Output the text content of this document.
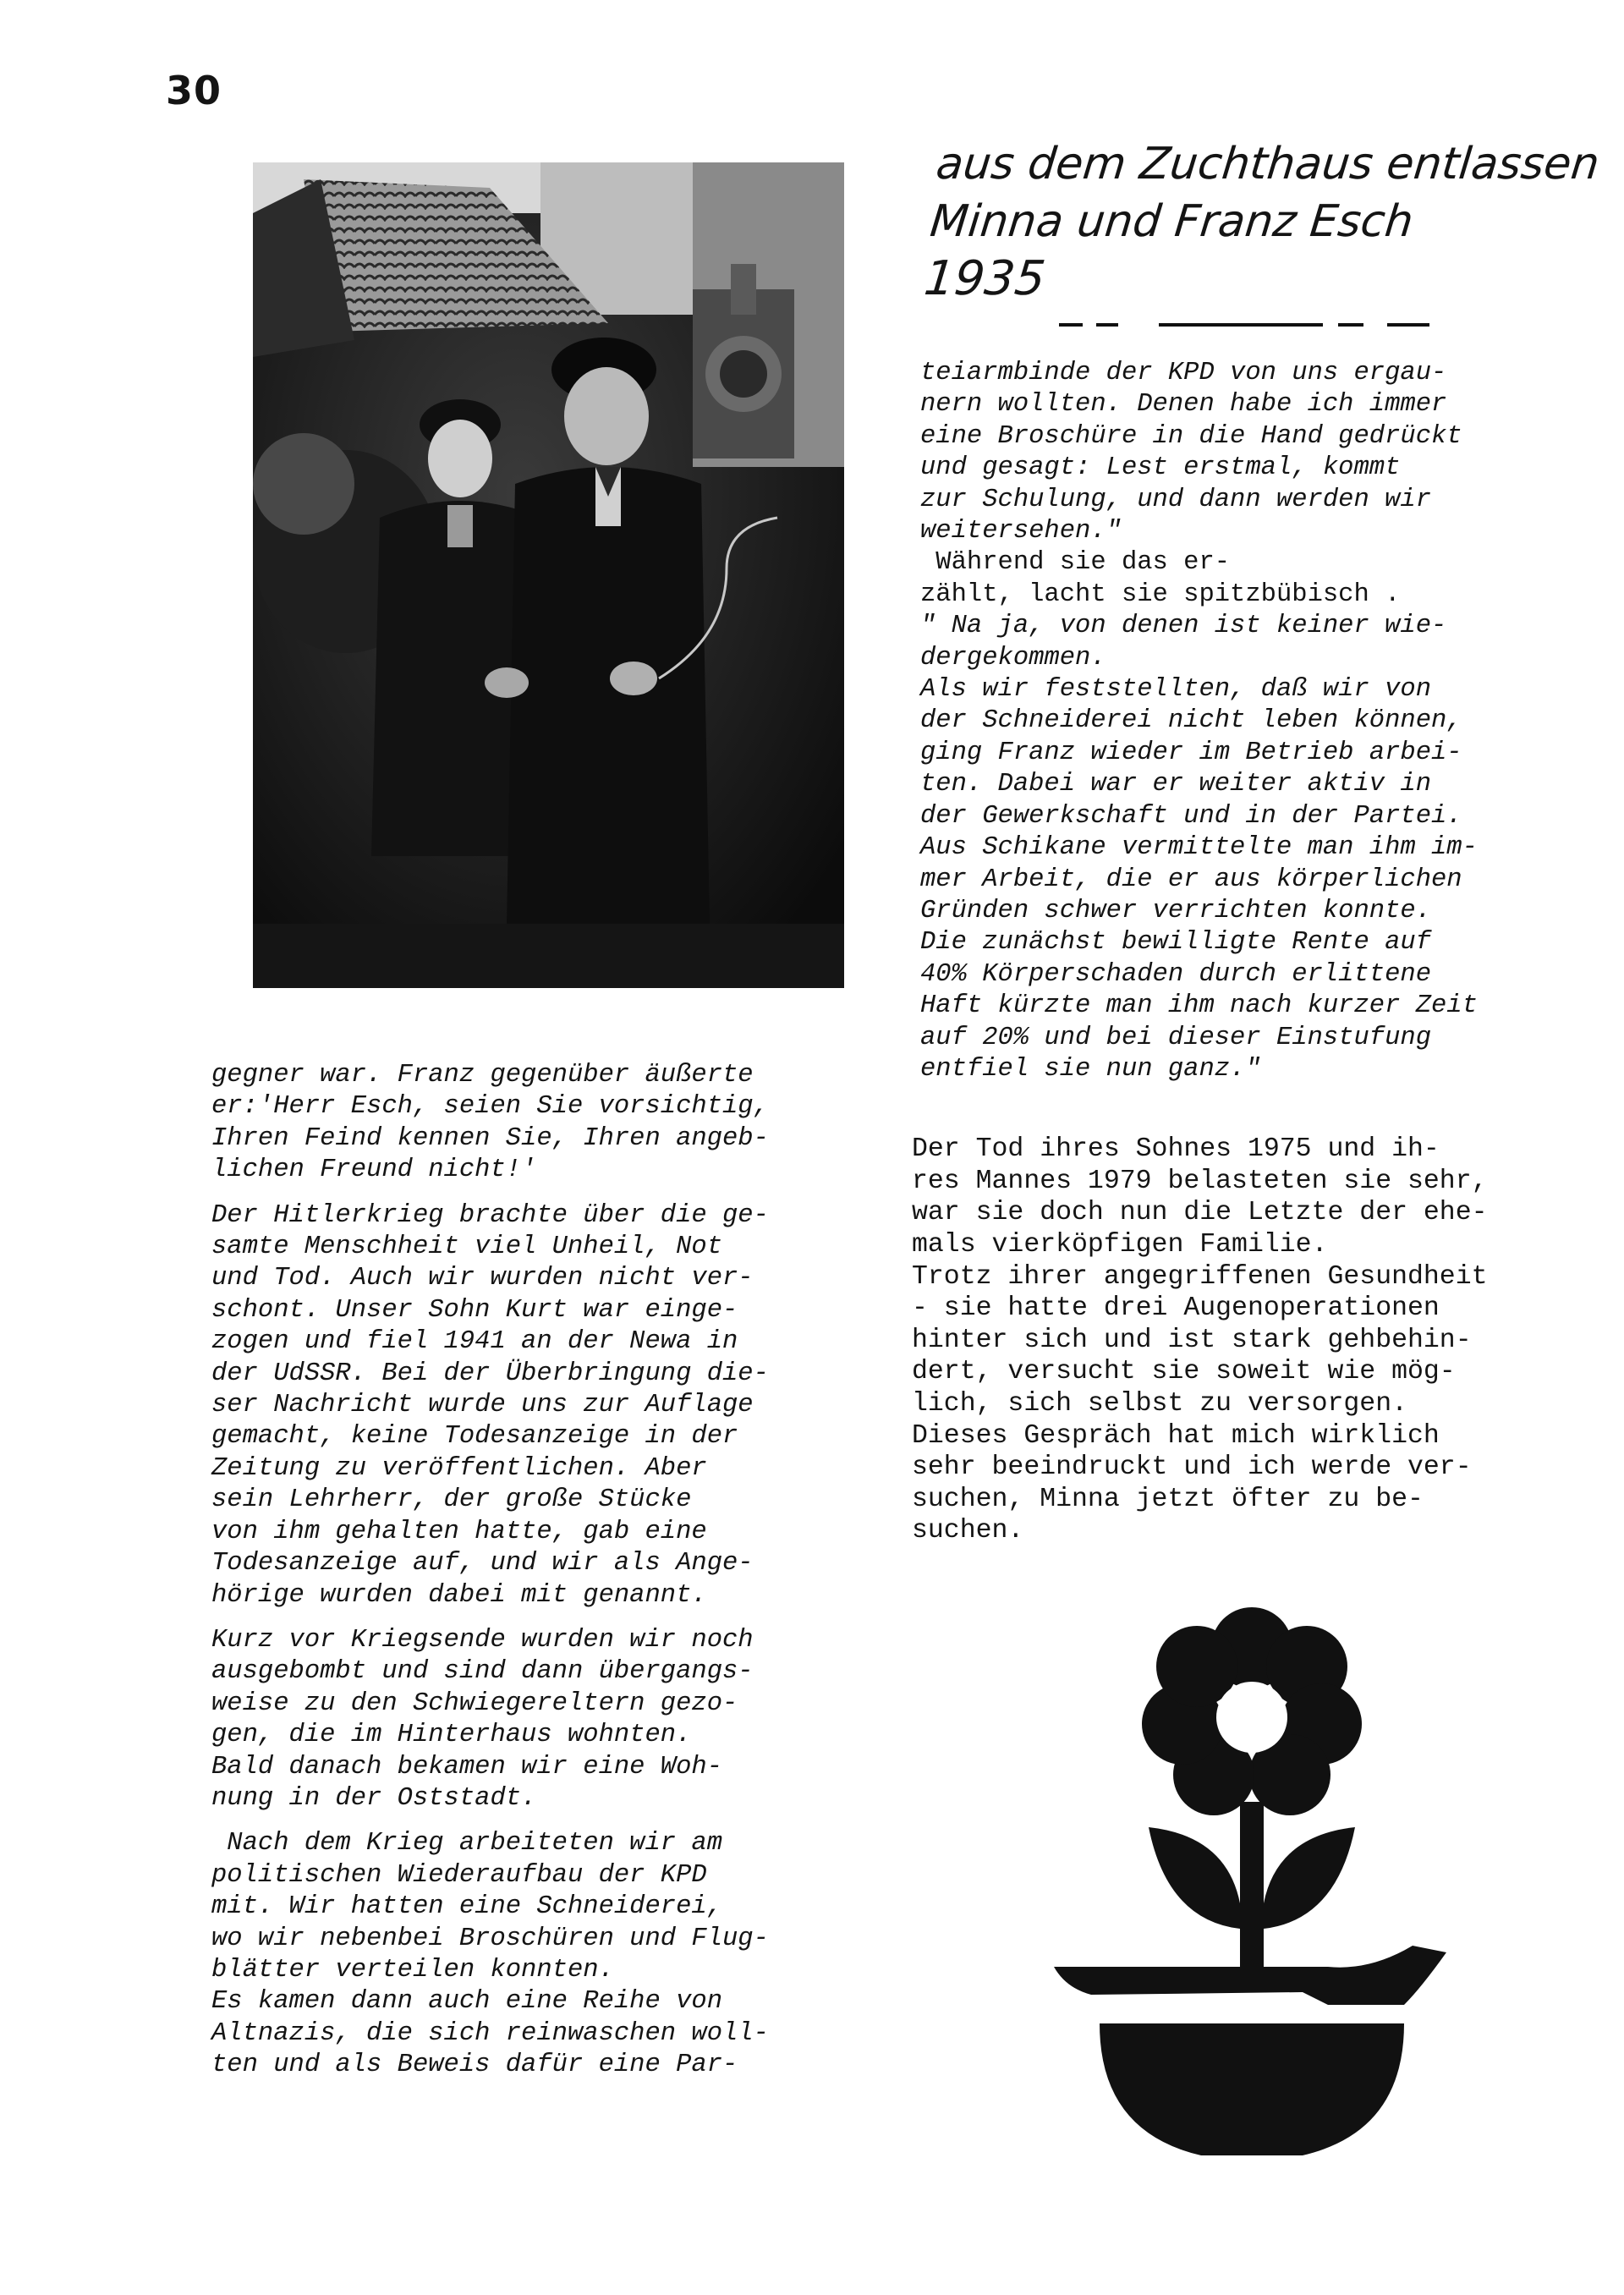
30
aus dem Zuchthaus entlassen
Minna und Franz Esch
1935

gegner war. Franz gegenüber äußerte
er:'Herr Esch, seien Sie vorsichtig,
Ihren Feind kennen Sie, Ihren angeb-
lichen Freund nicht!'

Der Hitlerkrieg brachte über die ge-
samte Menschheit viel Unheil, Not
und Tod. Auch wir wurden nicht ver-
schont. Unser Sohn Kurt war einge-
zogen und fiel 1941 an der Newa in
der UdSSR. Bei der Überbringung die-
ser Nachricht wurde uns zur Auflage
gemacht, keine Todesanzeige in der
Zeitung zu veröffentlichen. Aber
sein Lehrherr, der große Stücke
von ihm gehalten hatte, gab eine
Todesanzeige auf, und wir als Ange-
hörige wurden dabei mit genannt.

Kurz vor Kriegsende wurden wir noch
ausgebombt und sind dann übergangs-
weise zu den Schwiegereltern gezo-
gen, die im Hinterhaus wohnten.
Bald danach bekamen wir eine Woh-
nung in der Oststadt.

Nach dem Krieg arbeiteten wir am
politischen Wiederaufbau der KPD
mit. Wir hatten eine Schneiderei,
wo wir nebenbei Broschüren und Flug-
blätter verteilen konnten.
Es kamen dann auch eine Reihe von
Altnazis, die sich reinwaschen woll-
ten und als Beweis dafür eine Par-

teiarmbinde der KPD von uns ergau-
nern wollten. Denen habe ich immer
eine Broschüre in die Hand gedrückt
und gesagt: Lest erstmal, kommt
zur Schulung, und dann werden wir
weitersehen."

Während sie das er-
zählt, lacht sie spitzbübisch .

" Na ja, von denen ist keiner wie-
dergekommen.
Als wir feststellten, daß wir von
der Schneiderei nicht leben können,
ging Franz wieder im Betrieb arbei-
ten. Dabei war er weiter aktiv in
der Gewerkschaft und in der Partei.
Aus Schikane vermittelte man ihm im-
mer Arbeit, die er aus körperlichen
Gründen schwer verrichten konnte.
Die zunächst bewilligte Rente auf
40% Körperschaden durch erlittene
Haft kürzte man ihm nach kurzer Zeit
auf 20% und bei dieser Einstufung
entfiel sie nun ganz."

Der Tod ihres Sohnes 1975 und ih-
res Mannes 1979 belasteten sie sehr,
war sie doch nun die Letzte der ehe-
mals vierköpfigen Familie.
Trotz ihrer angegriffenen Gesundheit
- sie hatte drei Augenoperationen
hinter sich und ist stark gehbehin-
dert, versucht sie soweit wie mög-
lich, sich selbst zu versorgen.
Dieses Gespräch hat mich wirklich
sehr beeindruckt und ich werde ver-
suchen, Minna jetzt öfter zu be-
suchen.
